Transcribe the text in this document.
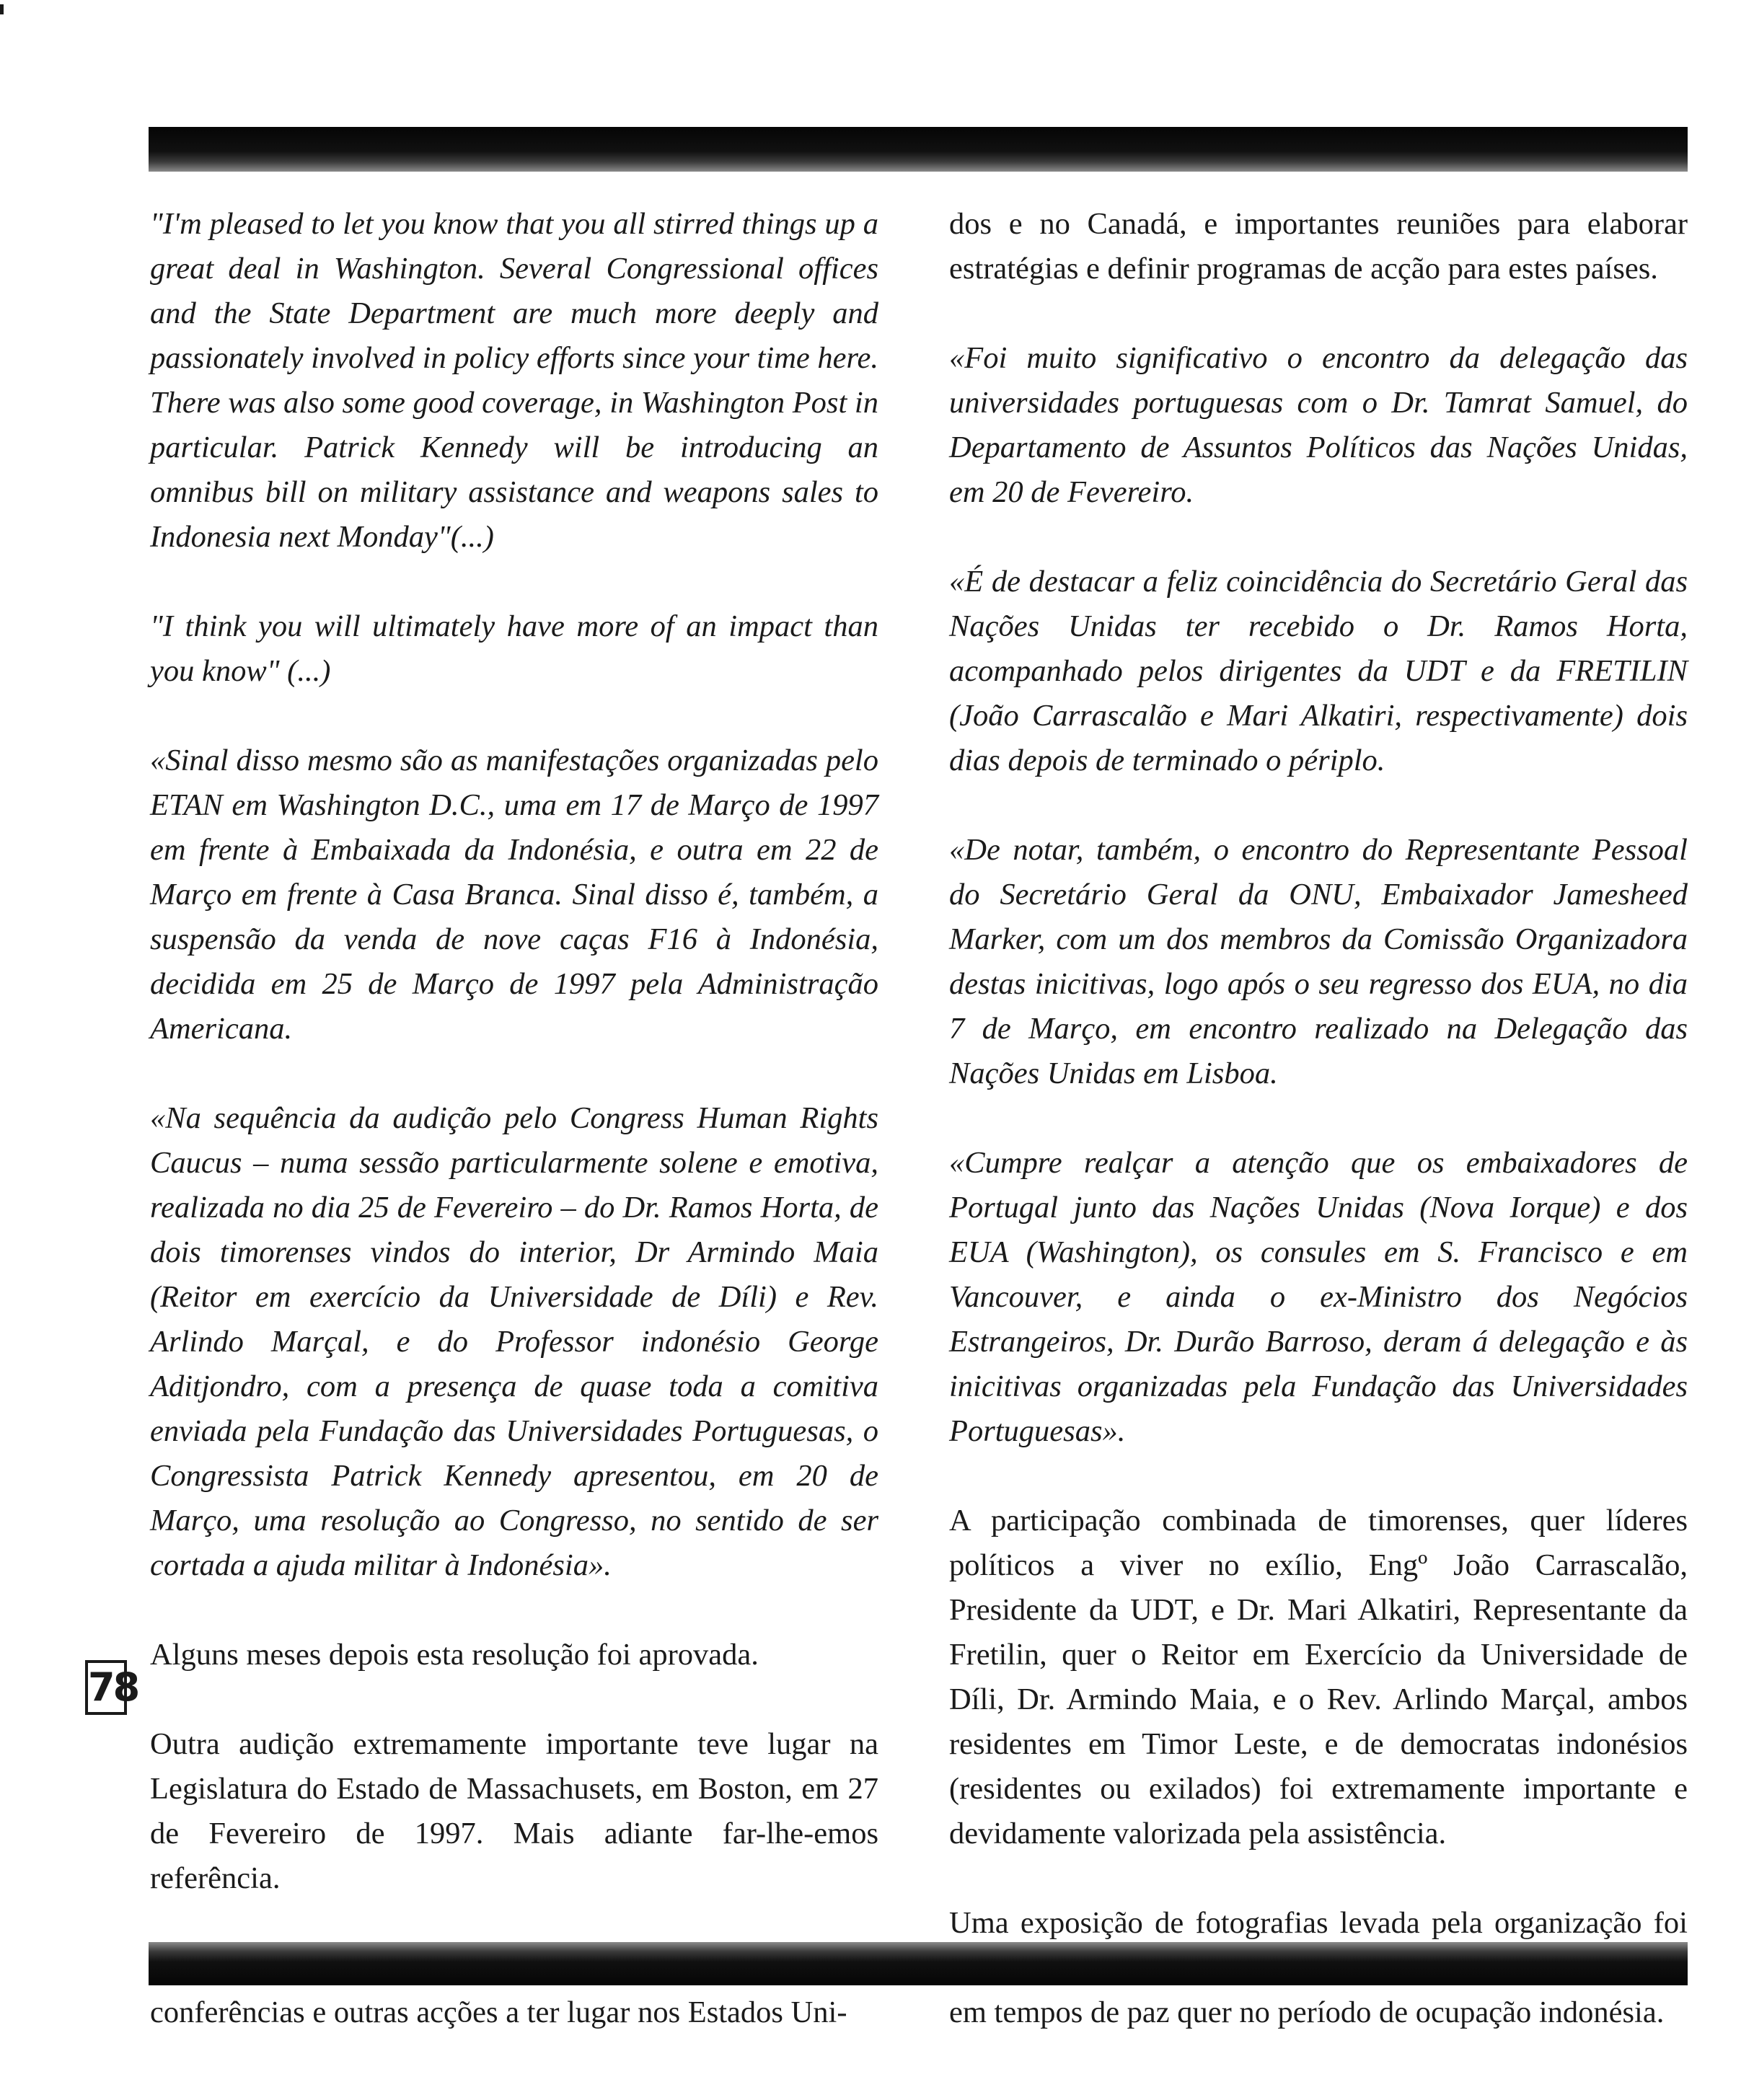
"I'm pleased to let you know that you all stirred things up a great deal in Washington. Several Congressional offices and the State Department are much more deeply and passionately involved in policy efforts since your time here. There was also some good coverage, in Washington Post in particular. Patrick Kennedy will be introducing an omnibus bill on military assistance and weapons sales to Indonesia next Monday"(...)

"I think you will ultimately have more of an impact than you know" (...)

«Sinal disso mesmo são as manifestações organizadas pelo ETAN em Washington D.C., uma em 17 de Março de 1997 em frente à Embaixada da Indonésia, e outra em 22 de Março em frente à Casa Branca. Sinal disso é, também, a suspensão da venda de nove caças F16 à Indonésia, decidida em 25 de Março de 1997 pela Administração Americana.

«Na sequência da audição pelo Congress Human Rights Caucus – numa sessão particularmente solene e emotiva, realizada no dia 25 de Fevereiro – do Dr. Ramos Horta, de dois timorenses vindos do interior, Dr Armindo Maia (Reitor em exercício da Universidade de Díli) e Rev. Arlindo Marçal, e do Professor indonésio George Aditjondro, com a presença de quase toda a comitiva enviada pela Fundação das Universidades Portuguesas, o Congressista Patrick Kennedy apresentou, em 20 de Março, uma resolução ao Congresso, no sentido de ser cortada a ajuda militar à Indonésia».

Alguns meses depois esta resolução foi aprovada.

Outra audição extremamente importante teve lugar na Legislatura do Estado de Massachusets, em Boston, em 27 de Fevereiro de 1997. Mais adiante far-lhe-emos referência.

conferências e outras acções a ter lugar nos Estados Uni-

dos e no Canadá, e importantes reuniões para elaborar estratégias e definir programas de acção para estes países.

«Foi muito significativo o encontro da delegação das universidades portuguesas com o Dr. Tamrat Samuel, do Departamento de Assuntos Políticos das Nações Unidas, em 20 de Fevereiro.

«É de destacar a feliz coincidência do Secretário Geral das Nações Unidas ter recebido o Dr. Ramos Horta, acompanhado pelos dirigentes da UDT e da FRETILIN (João Carrascalão e Mari Alkatiri, respectivamente) dois dias depois de terminado o périplo.

«De notar, também, o encontro do Representante Pessoal do Secretário Geral da ONU, Embaixador Jamesheed Marker, com um dos membros da Comissão Organizadora destas inicitivas, logo após o seu regresso dos EUA, no dia 7 de Março, em encontro realizado na Delegação das Nações Unidas em Lisboa.

«Cumpre realçar a atenção que os embaixadores de Portugal junto das Nações Unidas (Nova Iorque) e dos EUA (Washington), os consules em S. Francisco e em Vancouver, e ainda o ex-Ministro dos Negócios Estrangeiros, Dr. Durão Barroso, deram á delegação e às inicitivas organizadas pela Fundação das Universidades Portuguesas».

A participação combinada de timorenses, quer líderes políticos a viver no exílio, Engº João Carrascalão, Presidente da UDT, e Dr. Mari Alkatiri, Representante da Fretilin, quer o Reitor em Exercício da Universidade de Díli, Dr. Armindo Maia, e o Rev. Arlindo Marçal, ambos residentes em Timor Leste, e de democratas indonésios (residentes ou exilados) foi extremamente importante e devidamente valorizada pela assistência.

Uma exposição de fotografias levada pela organização foi em tempos de paz quer no período de ocupação indonésia.

78
